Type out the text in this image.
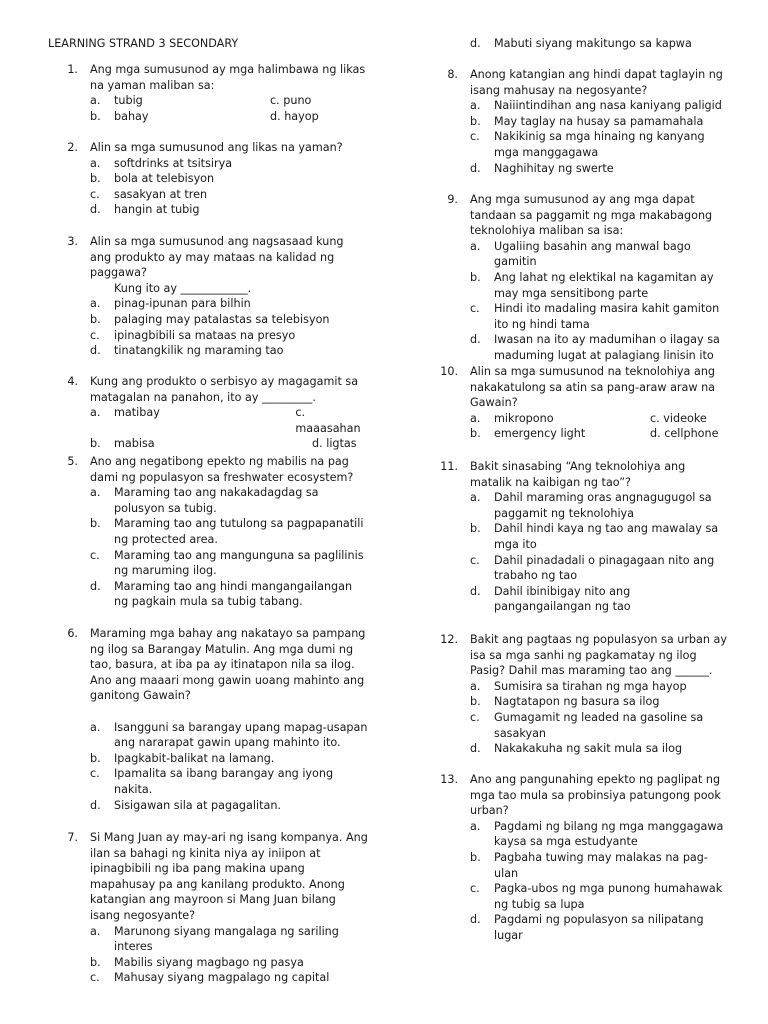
LEARNING STRAND 3 SECONDARY
1.	Ang mga sumusunod ay mga halimbawa ng likas na yaman maliban sa:
a.	tubig	c. puno
b.	bahay	d. hayop
2.	Alin sa mga sumusunod ang likas na yaman?
a.	softdrinks at tsitsirya
b.	bola at telebisyon
c.	sasakyan at tren
d.	hangin at tubig
3.	Alin sa mga sumusunod ang nagsasaad kung ang produkto ay may mataas na kalidad ng paggawa?
Kung ito ay ____________.
a.	pinag-ipunan para bilhin
b.	palaging may patalastas sa telebisyon
c.	ipinagbibili sa mataas na presyo
d.	tinatangkilik ng maraming tao
4.	Kung ang produkto o serbisyo ay magagamit sa matagalan na panahon, ito ay _________.
a.	matibay	c. maaasahan
b.	mabisa	d. ligtas
5.	Ano ang negatibong epekto ng mabilis na pag dami ng populasyon sa freshwater ecosystem?
a.	Maraming tao ang nakakadagdag sa polusyon sa tubig.
b.	Maraming tao ang tutulong sa pagpapanatili ng protected area.
c.	Maraming tao ang mangunguna sa paglilinis ng maruming ilog.
d.	Maraming tao ang hindi mangangailangan ng pagkain mula sa tubig tabang.
6.	Maraming mga bahay ang nakatayo sa pampang ng ilog sa Barangay Matulin. Ang mga dumi ng tao, basura, at iba pa ay itinatapon nila sa ilog. Ano ang maaari mong gawin uoang mahinto ang ganitong Gawain?
a.	Isangguni sa barangay upang mapag-usapan ang nararapat gawin upang mahinto ito.
b.	Ipagkabit-balikat na lamang.
c.	Ipamalita sa ibang barangay ang iyong nakita.
d.	Sisigawan sila at pagagalitan.
7.	Si Mang Juan ay may-ari ng isang kompanya. Ang ilan sa bahagi ng kinita niya ay iniipon at ipinagbibili ng iba pang makina upang mapahusay pa ang kanilang produkto. Anong katangian ang mayroon si Mang Juan bilang isang negosyante?
a.	Marunong siyang mangalaga ng sariling interes
b.	Mabilis siyang magbago ng pasya
c.	Mahusay siyang magpalago ng capital
d.	Mabuti siyang makitungo sa kapwa
8.	Anong katangian ang hindi dapat taglayin ng isang mahusay na negosyante?
a.	Naiiintindihan ang nasa kaniyang paligid
b.	May taglay na husay sa pamamahala
c.	Nakikinig sa mga hinaing ng kanyang mga manggagawa
d.	Naghihitay ng swerte
9.	Ang mga sumusunod ay ang mga dapat tandaan sa paggamit ng mga makabagong teknolohiya maliban sa isa:
a.	Ugaliing basahin ang manwal bago gamitin
b.	Ang lahat ng elektikal na kagamitan ay may mga sensitibong parte
c.	Hindi ito madaling masira kahit gamiton ito ng hindi tama
d.	Iwasan na ito ay madumihan o ilagay sa maduming lugat at palagiang linisin ito
10.	Alin sa mga sumusunod na teknolohiya ang nakakatulong sa atin sa pang-araw araw na Gawain?
a.	mikropono	c. videoke
b.	emergency light	d. cellphone
11.	Bakit sinasabing “Ang teknolohiya ang matalik na kaibigan ng tao”?
a.	Dahil maraming oras angnagugugol sa paggamit ng teknolohiya
b.	Dahil hindi kaya ng tao ang mawalay sa mga ito
c.	Dahil pinadadali o pinagagaan nito ang trabaho ng tao
d.	Dahil ibinibigay nito ang pangangailangan ng tao
12.	Bakit ang pagtaas ng populasyon sa urban ay isa sa mga sanhi ng pagkamatay ng ilog Pasig? Dahil mas maraming tao ang ______.
a.	Sumisira sa tirahan ng mga hayop
b.	Nagtatapon ng basura sa ilog
c.	Gumagamit ng leaded na gasoline sa sasakyan
d.	Nakakakuha ng sakit mula sa ilog
13.	Ano ang pangunahing epekto ng paglipat ng mga tao mula sa probinsiya patungong pook urban?
a.	Pagdami ng bilang ng mga manggagawa kaysa sa mga estudyante
b.	Pagbaha tuwing may malakas na pag-ulan
c.	Pagka-ubos ng mga punong humahawak ng tubig sa lupa
d.	Pagdami ng populasyon sa nilipatang lugar
